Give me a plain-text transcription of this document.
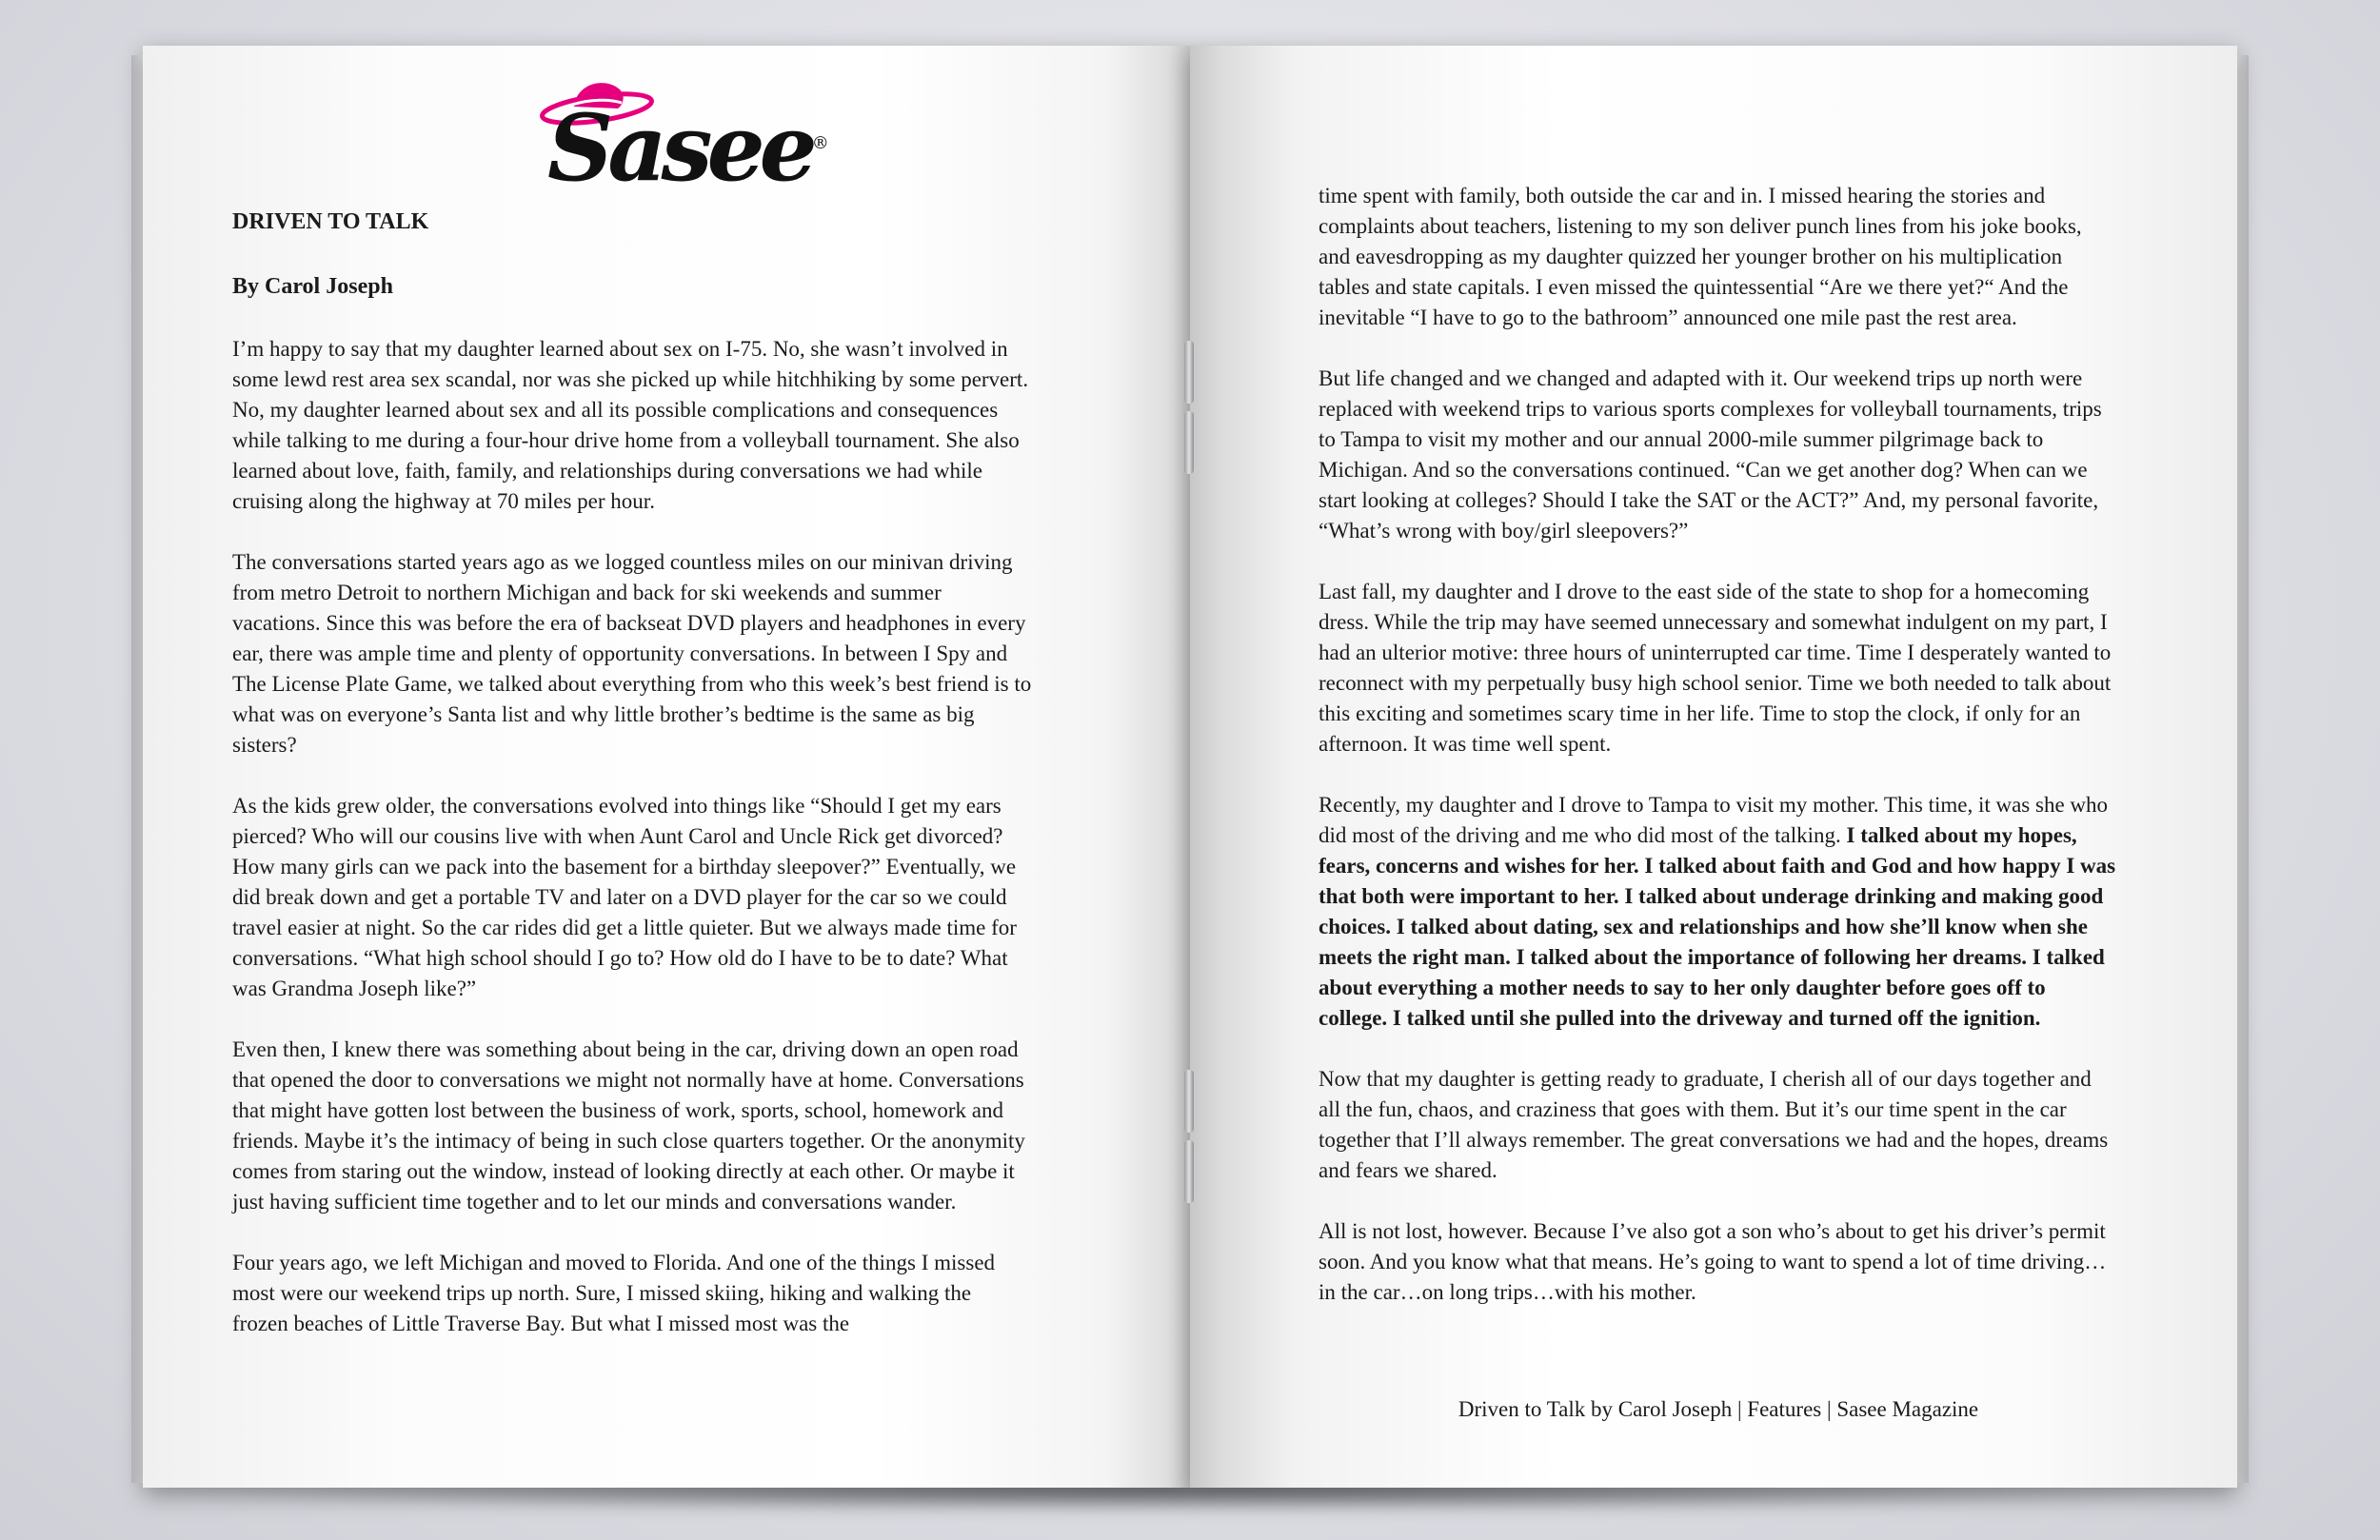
Sasee®

DRIVEN TO TALK

By Carol Joseph

I’m happy to say that my daughter learned about sex on I-75. No, she wasn’t involved in some lewd rest area sex scandal, nor was she picked up while hitchhiking by some pervert. No, my daughter learned about sex and all its possible complications and consequences while talking to me during a four-hour drive home from a volleyball tournament. She also learned about love, faith, family, and relationships during conversations we had while cruising along the highway at 70 miles per hour.

The conversations started years ago as we logged countless miles on our minivan driving from metro Detroit to northern Michigan and back for ski weekends and summer vacations. Since this was before the era of backseat DVD players and headphones in every ear, there was ample time and plenty of opportunity conversations. In between I Spy and The License Plate Game, we talked about everything from who this week’s best friend is to what was on everyone’s Santa list and why little brother’s bedtime is the same as big sisters?

As the kids grew older, the conversations evolved into things like “Should I get my ears pierced? Who will our cousins live with when Aunt Carol and Uncle Rick get divorced? How many girls can we pack into the basement for a birthday sleepover?” Eventually, we did break down and get a portable TV and later on a DVD player for the car so we could travel easier at night. So the car rides did get a little quieter. But we always made time for conversations. “What high school should I go to? How old do I have to be to date? What was Grandma Joseph like?”

Even then, I knew there was something about being in the car, driving down an open road that opened the door to conversations we might not normally have at home. Conversations that might have gotten lost between the business of work, sports, school, homework and friends. Maybe it’s the intimacy of being in such close quarters together. Or the anonymity comes from staring out the window, instead of looking directly at each other. Or maybe it just having sufficient time together and to let our minds and conversations wander.

Four years ago, we left Michigan and moved to Florida. And one of the things I missed most were our weekend trips up north. Sure, I missed skiing, hiking and walking the frozen beaches of Little Traverse Bay. But what I missed most was the

time spent with family, both outside the car and in. I missed hearing the stories and complaints about teachers, listening to my son deliver punch lines from his joke books, and eavesdropping as my daughter quizzed her younger brother on his multiplication tables and state capitals. I even missed the quintessential “Are we there yet?“ And the inevitable “I have to go to the bathroom” announced one mile past the rest area.

But life changed and we changed and adapted with it. Our weekend trips up north were replaced with weekend trips to various sports complexes for volleyball tournaments, trips to Tampa to visit my mother and our annual 2000-mile summer pilgrimage back to Michigan. And so the conversations continued. “Can we get another dog? When can we start looking at colleges? Should I take the SAT or the ACT?” And, my personal favorite, “What’s wrong with boy/girl sleepovers?”

Last fall, my daughter and I drove to the east side of the state to shop for a homecoming dress. While the trip may have seemed unnecessary and somewhat indulgent on my part, I had an ulterior motive: three hours of uninterrupted car time. Time I desperately wanted to reconnect with my perpetually busy high school senior. Time we both needed to talk about this exciting and sometimes scary time in her life. Time to stop the clock, if only for an afternoon. It was time well spent.

Recently, my daughter and I drove to Tampa to visit my mother. This time, it was she who did most of the driving and me who did most of the talking. I talked about my hopes, fears, concerns and wishes for her. I talked about faith and God and how happy I was that both were important to her. I talked about underage drinking and making good choices. I talked about dating, sex and relationships and how she’ll know when she meets the right man. I talked about the importance of following her dreams. I talked about everything a mother needs to say to her only daughter before goes off to college. I talked until she pulled into the driveway and turned off the ignition.

Now that my daughter is getting ready to graduate, I cherish all of our days together and all the fun, chaos, and craziness that goes with them. But it’s our time spent in the car together that I’ll always remember. The great conversations we had and the hopes, dreams and fears we shared.

All is not lost, however. Because I’ve also got a son who’s about to get his driver’s permit soon. And you know what that means. He’s going to want to spend a lot of time driving…in the car…on long trips…with his mother.

Driven to Talk by Carol Joseph | Features | Sasee Magazine
